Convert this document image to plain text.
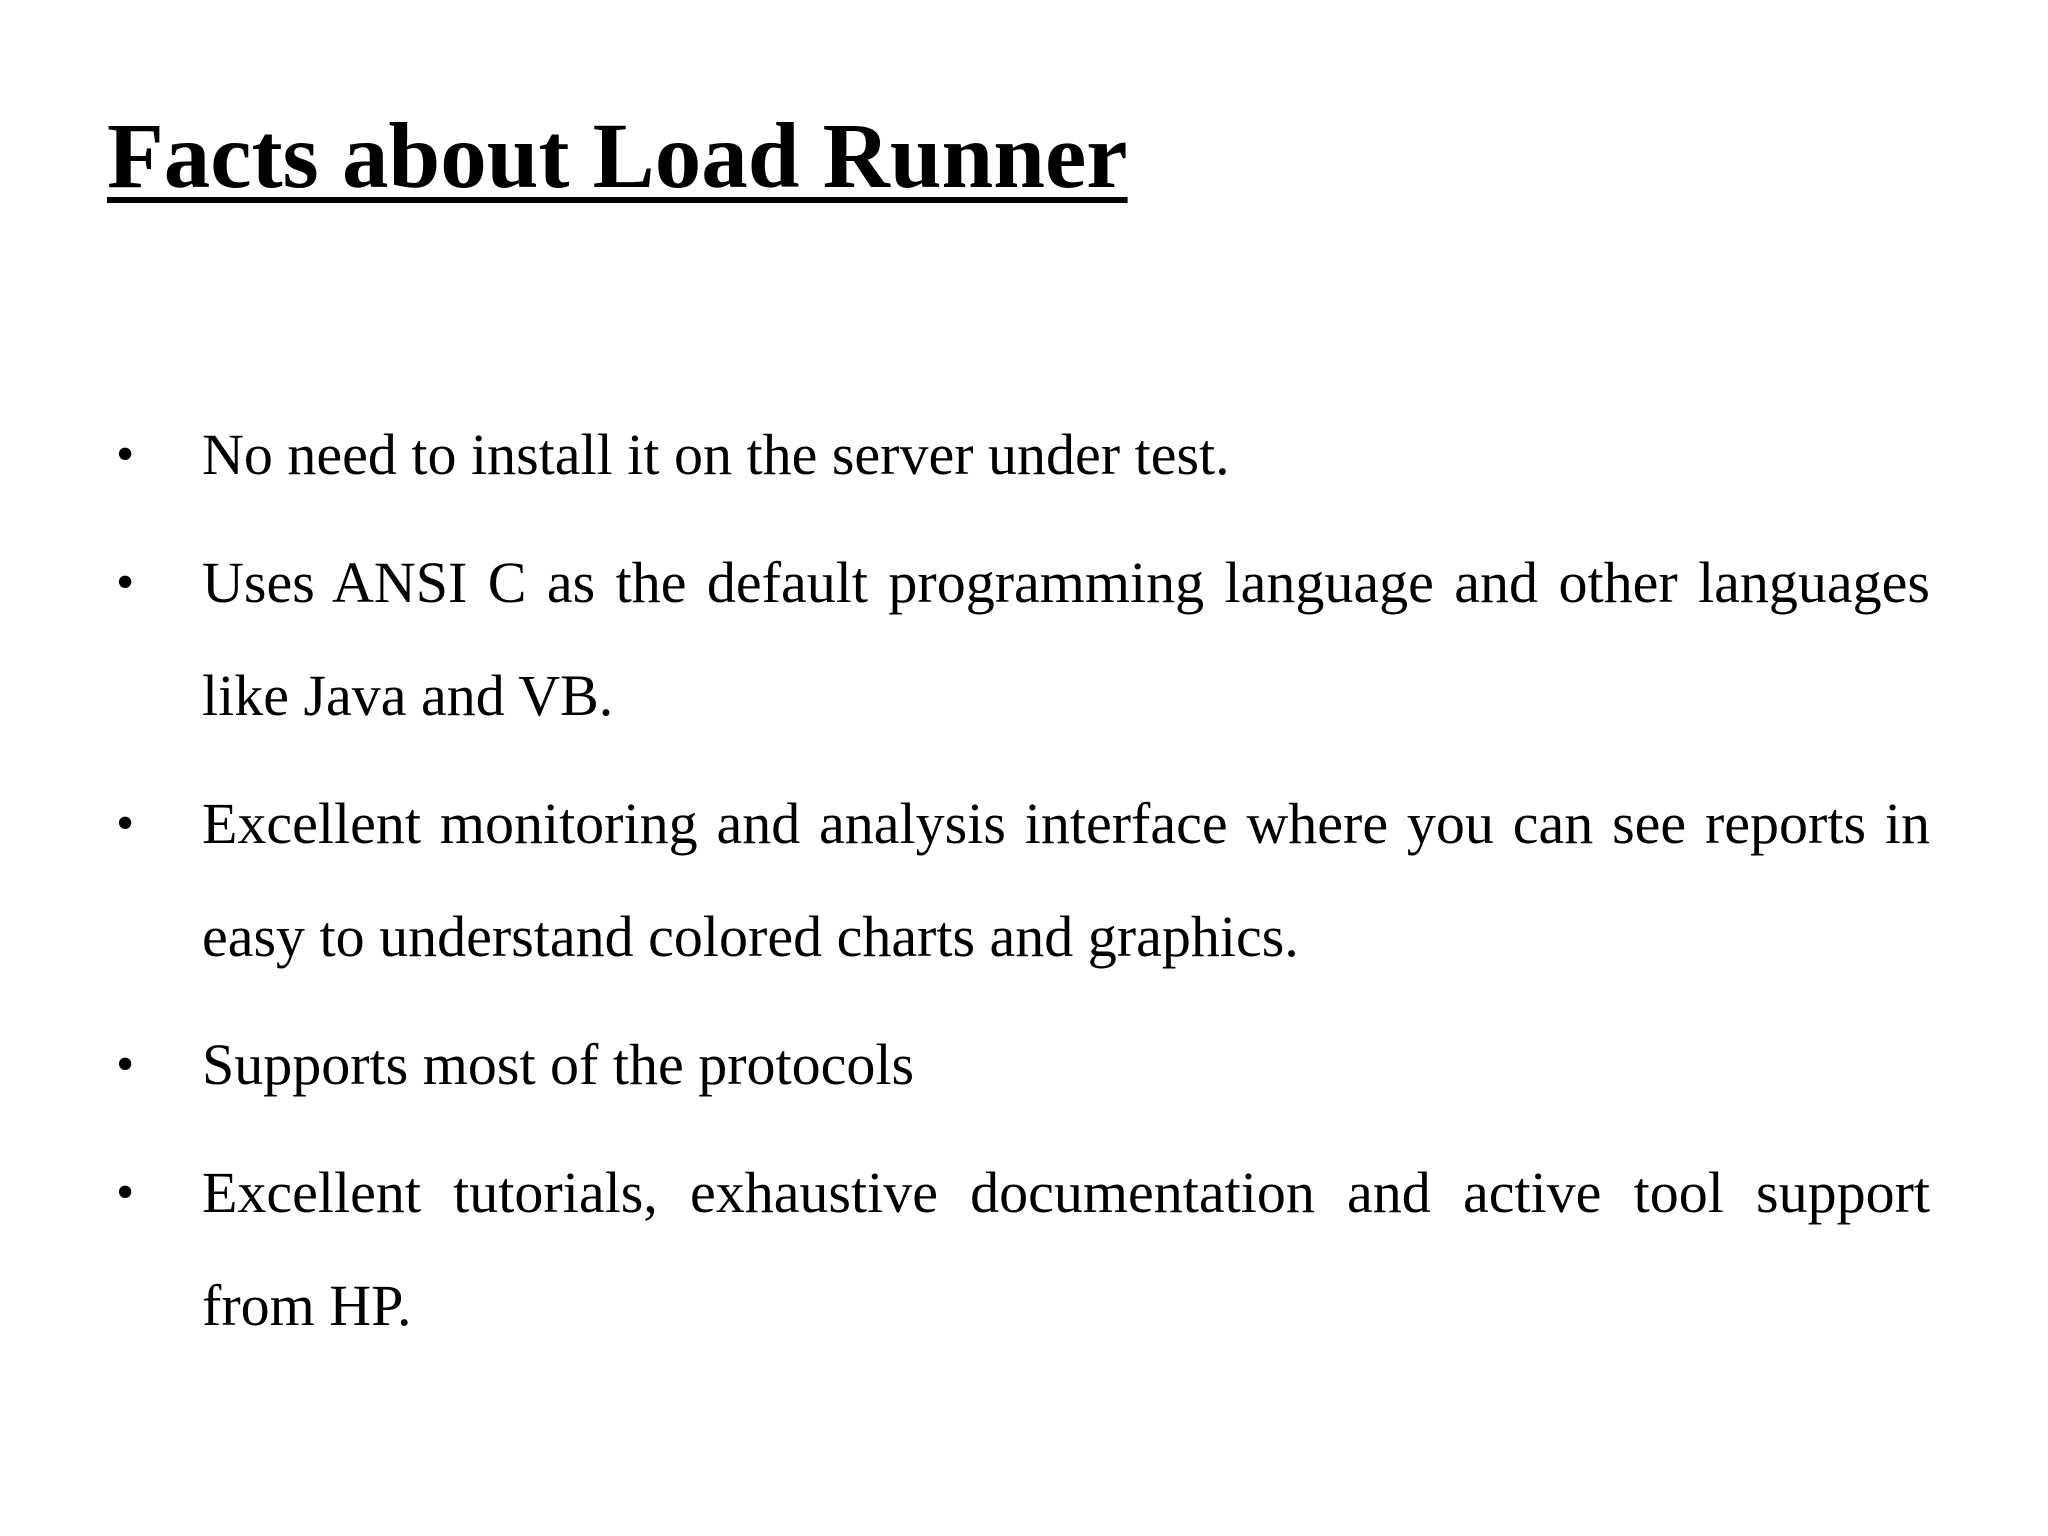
Facts about Load Runner
• No need to install it on the server under test.
• Uses ANSI C as the default programming language and other languages like Java and VB.
• Excellent monitoring and analysis interface where you can see reports in easy to understand colored charts and graphics.
• Supports most of the protocols
• Excellent tutorials, exhaustive documentation and active tool support from HP.
